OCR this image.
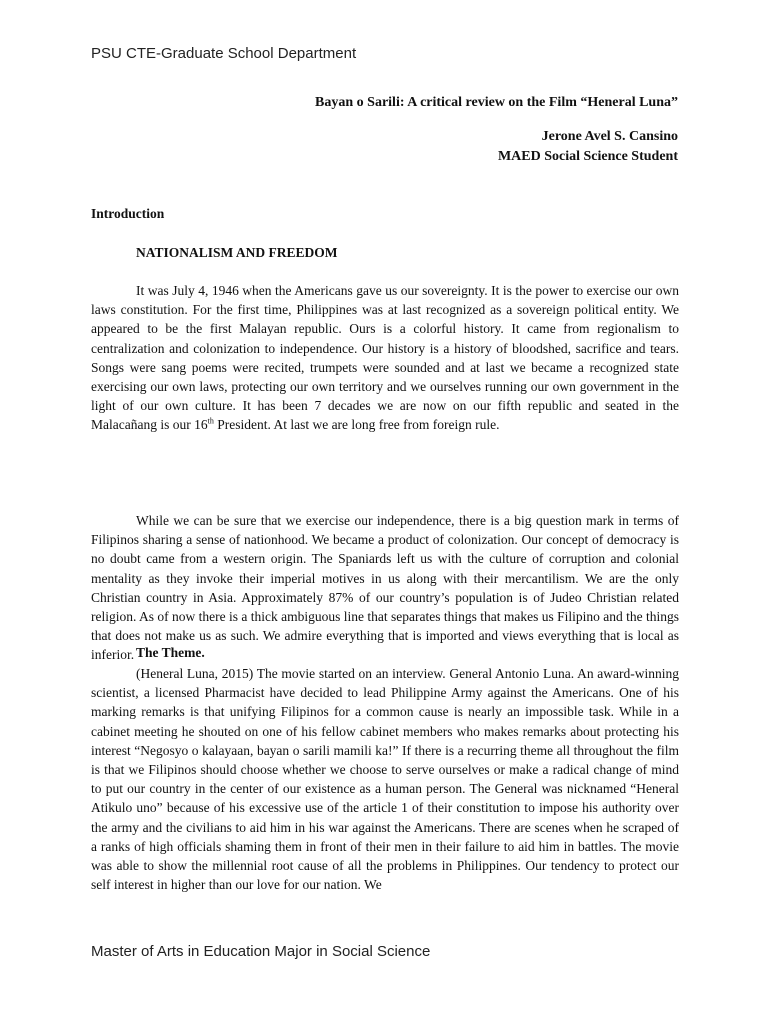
PSU CTE-Graduate School Department
Bayan o Sarili: A critical review on the Film “Heneral Luna”
Jerone Avel S. Cansino
MAED Social Science Student
Introduction
NATIONALISM AND FREEDOM

It was July 4, 1946 when the Americans gave us our sovereignty. It is the power to exercise our own laws constitution. For the first time, Philippines was at last recognized as a sovereign political entity. We appeared to be the first Malayan republic. Ours is a colorful history. It came from regionalism to centralization and colonization to independence. Our history is a history of bloodshed, sacrifice and tears. Songs were sang poems were recited, trumpets were sounded and at last we became a recognized state exercising our own laws, protecting our own territory and we ourselves running our own government in the light of our own culture. It has been 7 decades we are now on our fifth republic and seated in the Malacañang is our 16th President. At last we are long free from foreign rule.

While we can be sure that we exercise our independence, there is a big question mark in terms of Filipinos sharing a sense of nationhood. We became a product of colonization. Our concept of democracy is no doubt came from a western origin. The Spaniards left us with the culture of corruption and colonial mentality as they invoke their imperial motives in us along with their mercantilism. We are the only Christian country in Asia. Approximately 87% of our country’s population is of Judeo Christian related religion. As of now there is a thick ambiguous line that separates things that makes us Filipino and the things that does not make us as such. We admire everything that is imported and views everything that is local as inferior. The Theme.

(Heneral Luna, 2015) The movie started on an interview. General Antonio Luna. An award-winning scientist, a licensed Pharmacist have decided to lead Philippine Army against the Americans. One of his marking remarks is that unifying Filipinos for a common cause is nearly an impossible task. While in a cabinet meeting he shouted on one of his fellow cabinet members who makes remarks about protecting his interest “Negosyo o kalayaan, bayan o sarili mamili ka!” If there is a recurring theme all throughout the film is that we Filipinos should choose whether we choose to serve ourselves or make a radical change of mind to put our country in the center of our existence as a human person. The General was nicknamed “Heneral Atikulo uno” because of his excessive use of the article 1 of their constitution to impose his authority over the army and the civilians to aid him in his war against the Americans. There are scenes when he scraped of a ranks of high officials shaming them in front of their men in their failure to aid him in battles. The movie was able to show the millennial root cause of all the problems in Philippines. Our tendency to protect our self interest in higher than our love for our nation. We

Master of Arts in Education Major in Social Science
